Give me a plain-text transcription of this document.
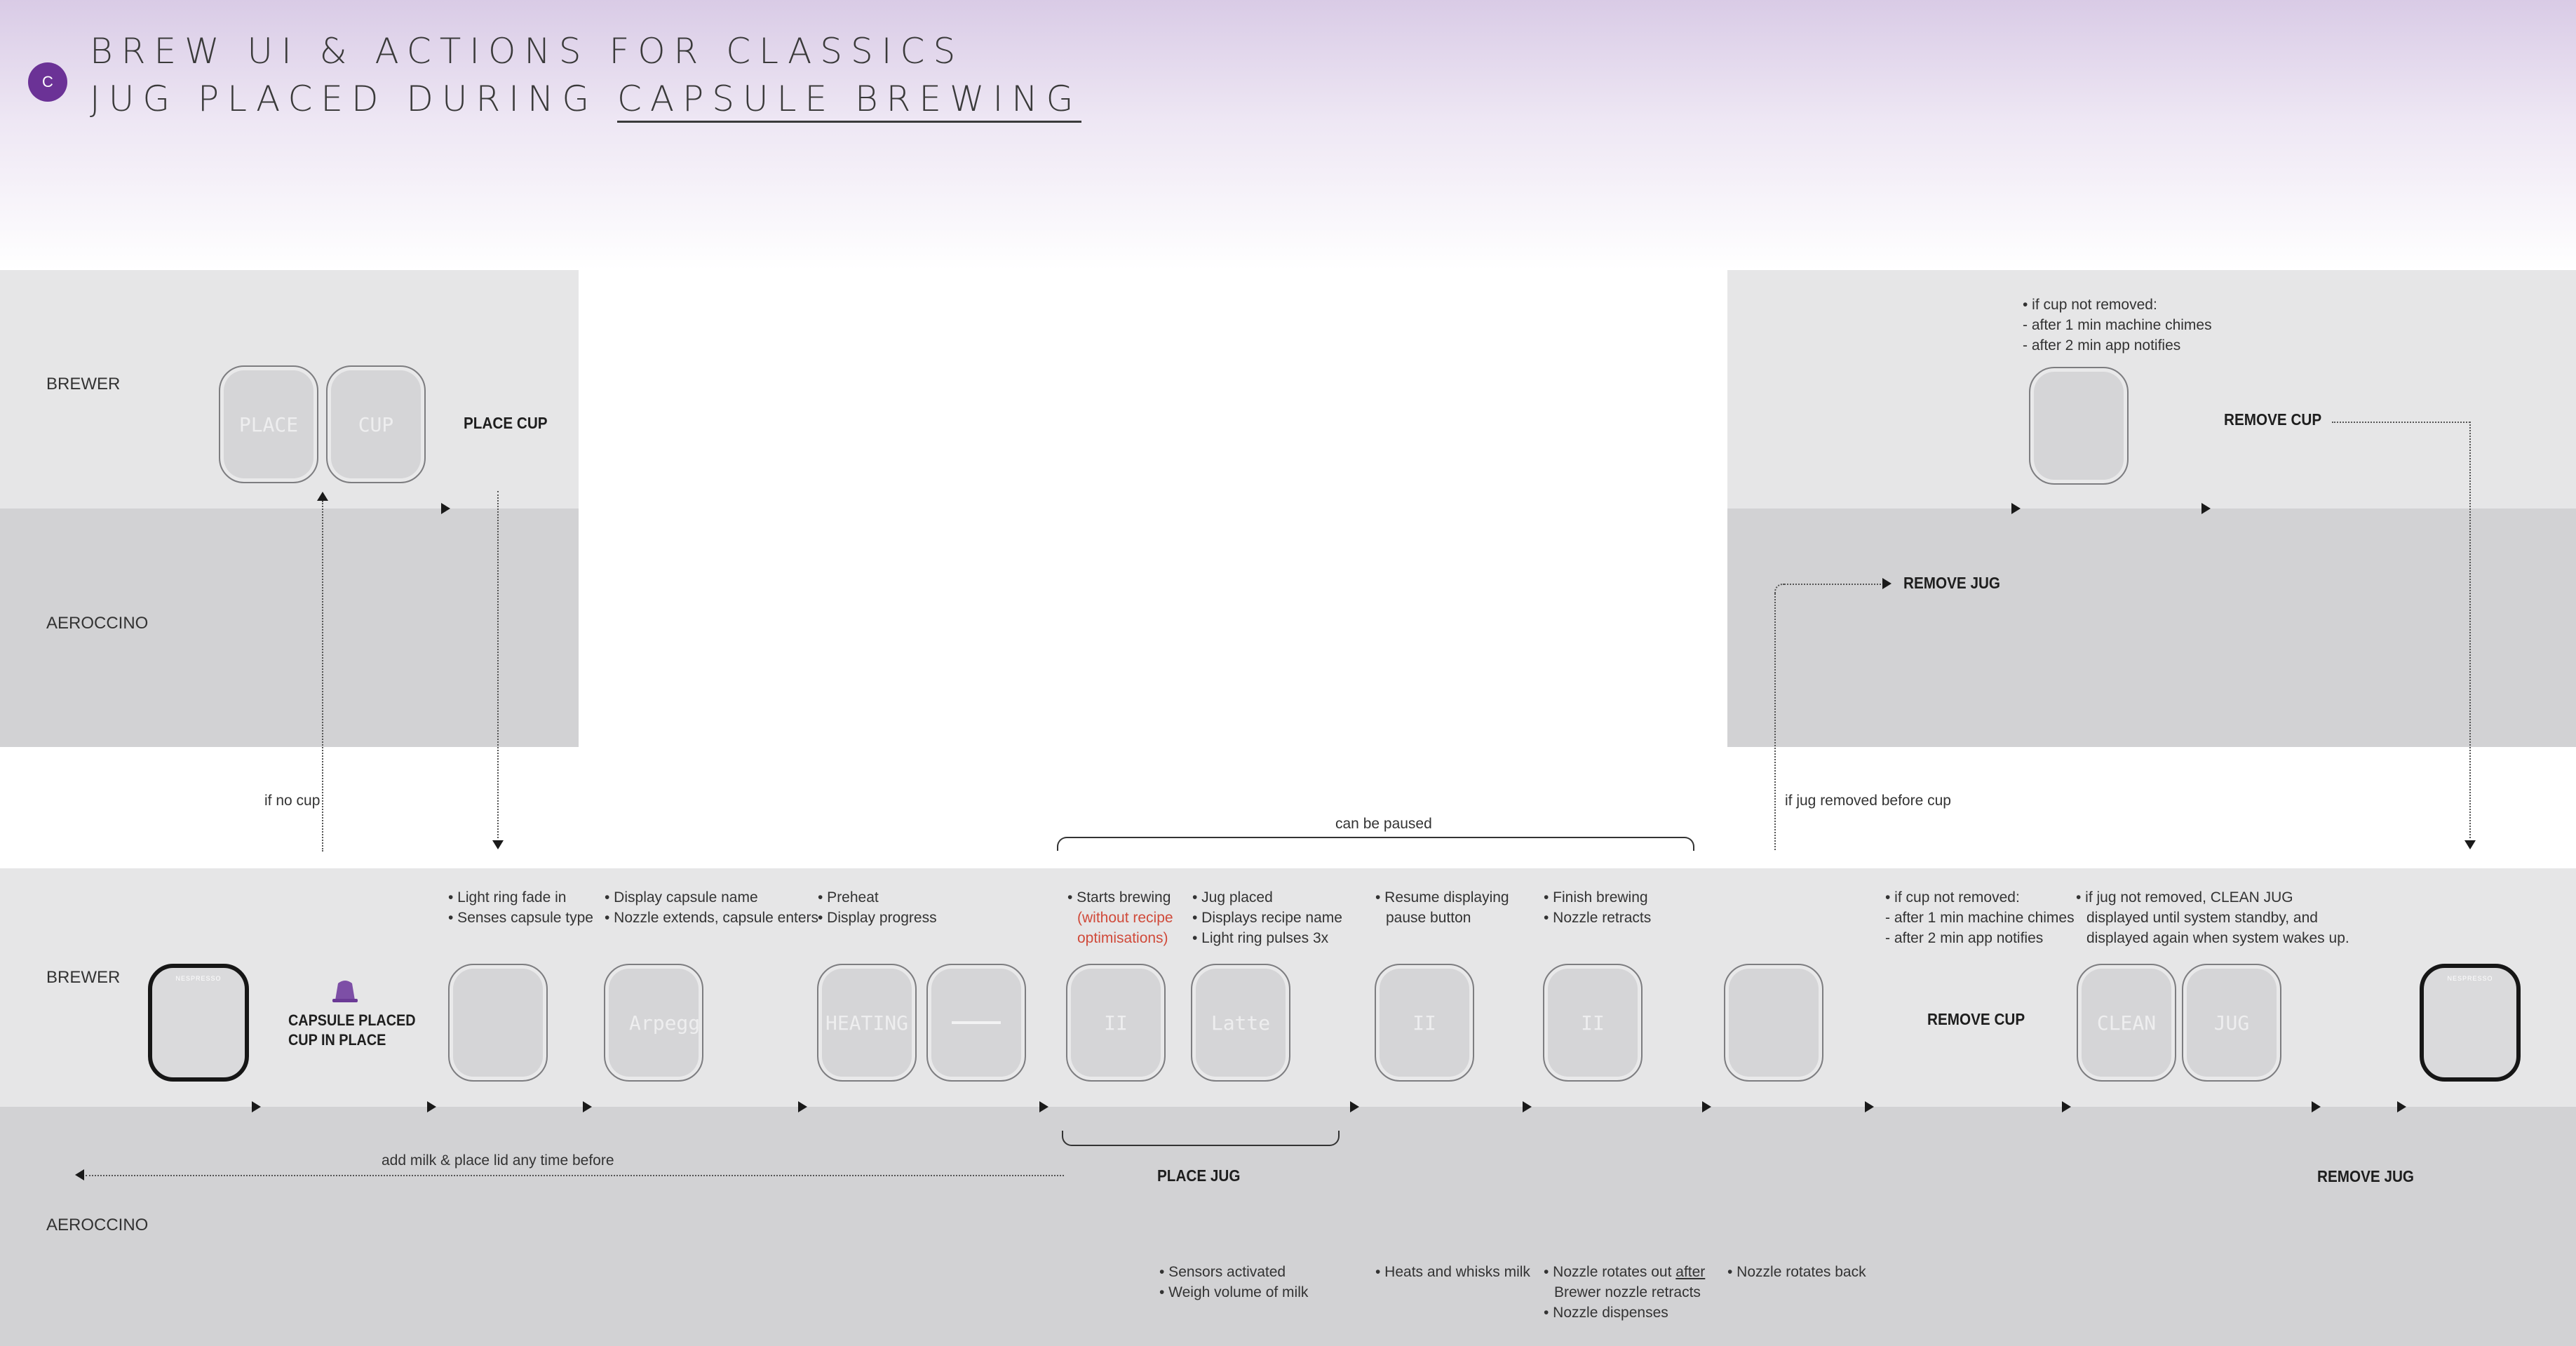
C
BREW UI & ACTIONS FOR CLASSICS
JUG PLACED DURING CAPSULE BREWING
BREWER
AEROCCINO
PLACE	CUP	PLACE CUP
if no cup
• if cup not removed:
- after 1 min machine chimes
- after 2 min app notifies
REMOVE CUP
REMOVE JUG
if jug removed before cup
BREWER
AEROCCINO
can be paused
NESPRESSO
CAPSULE PLACED
CUP IN PLACE
• Light ring fade in
• Senses capsule type
• Display capsule name
• Nozzle extends, capsule enters
Arpegg
• Preheat
• Display progress
HEATING
• Starts brewing
(without recipe
optimisations)
II
• Jug placed
• Displays recipe name
• Light ring pulses 3x
Latte
• Resume displaying
pause button
II
• Finish brewing
• Nozzle retracts
II
• if cup not removed:
- after 1 min machine chimes
- after 2 min app notifies
REMOVE CUP
• if jug not removed, CLEAN JUG
displayed until system standby, and
displayed again when system wakes up.
CLEAN	JUG
NESPRESSO
add milk & place lid any time before
PLACE JUG	REMOVE JUG
• Sensors activated
• Weigh volume of milk
• Heats and whisks milk • Nozzle rotates out after
Brewer nozzle retracts
• Nozzle dispenses
• Nozzle rotates back
